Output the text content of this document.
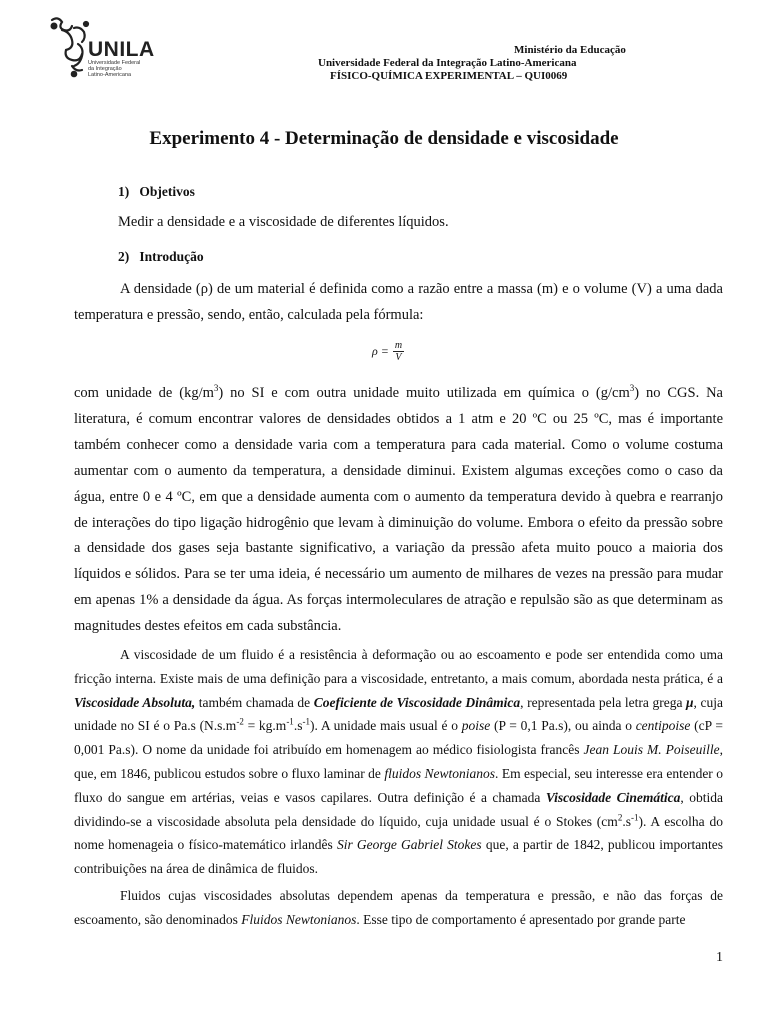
UNILA
Universidade Federal
da Integração
Latino-Americana
Ministério da Educação
Universidade Federal da Integração Latino-Americana
FÍSICO-QUÍMICA EXPERIMENTAL – QUI0069
Experimento 4 - Determinação de densidade e viscosidade
1)   Objetivos
Medir a densidade e a viscosidade de diferentes líquidos.
2)   Introdução

A densidade (ρ) de um material é definida como a razão entre a massa (m) e o volume (V) a uma dada temperatura e pressão, sendo, então, calculada pela fórmula:

$\rho = \frac{m}{V}$

com unidade de $(kg/m^3)$ no SI e com outra unidade muito utilizada em química o $(g/cm^3)$ no CGS. Na literatura, é comum encontrar valores de densidades obtidos a 1 atm e 20 ºC ou 25 ºC, mas é importante também conhecer como a densidade varia com a temperatura para cada material. Como o volume costuma aumentar com o aumento da temperatura, a densidade diminui. Existem algumas exceções como o caso da água, entre 0 e 4 ºC, em que a densidade aumenta com o aumento da temperatura devido à quebra e rearranjo de interações do tipo ligação hidrogênio que levam à diminuição do volume. Embora o efeito da pressão sobre a densidade dos gases seja bastante significativo, a variação da pressão afeta muito pouco a maioria dos líquidos e sólidos. Para se ter uma ideia, é necessário um aumento de milhares de vezes na pressão para mudar em apenas 1% a densidade da água. As forças intermoleculares de atração e repulsão são as que determinam as magnitudes destes efeitos em cada substância.

A viscosidade de um fluido é a resistência à deformação ou ao escoamento e pode ser entendida como uma fricção interna. Existe mais de uma definição para a viscosidade, entretanto, a mais comum, abordada nesta prática, é a Viscosidade Absoluta, também chamada de Coeficiente de Viscosidade Dinâmica, representada pela letra grega μ, cuja unidade no SI é o Pa.s $(N.s.m^{-2} = kg.m^{-1}.s^{-1})$. A unidade mais usual é o poise (P = 0,1 Pa.s), ou ainda o centipoise (cP = 0,001 Pa.s). O nome da unidade foi atribuído em homenagem ao médico fisiologista francês Jean Louis M. Poiseuille, que, em 1846, publicou estudos sobre o fluxo laminar de fluidos Newtonianos. Em especial, seu interesse era entender o fluxo do sangue em artérias, veias e vasos capilares. Outra definição é a chamada Viscosidade Cinemática, obtida dividindo-se a viscosidade absoluta pela densidade do líquido, cuja unidade usual é o Stokes $(cm^2.s^{-1})$. A escolha do nome homenageia o físico-matemático irlandês Sir George Gabriel Stokes que, a partir de 1842, publicou importantes contribuições na área de dinâmica de fluidos.

Fluidos cujas viscosidades absolutas dependem apenas da temperatura e pressão, e não das forças de escoamento, são denominados Fluidos Newtonianos. Esse tipo de comportamento é apresentado por grande parte

1
